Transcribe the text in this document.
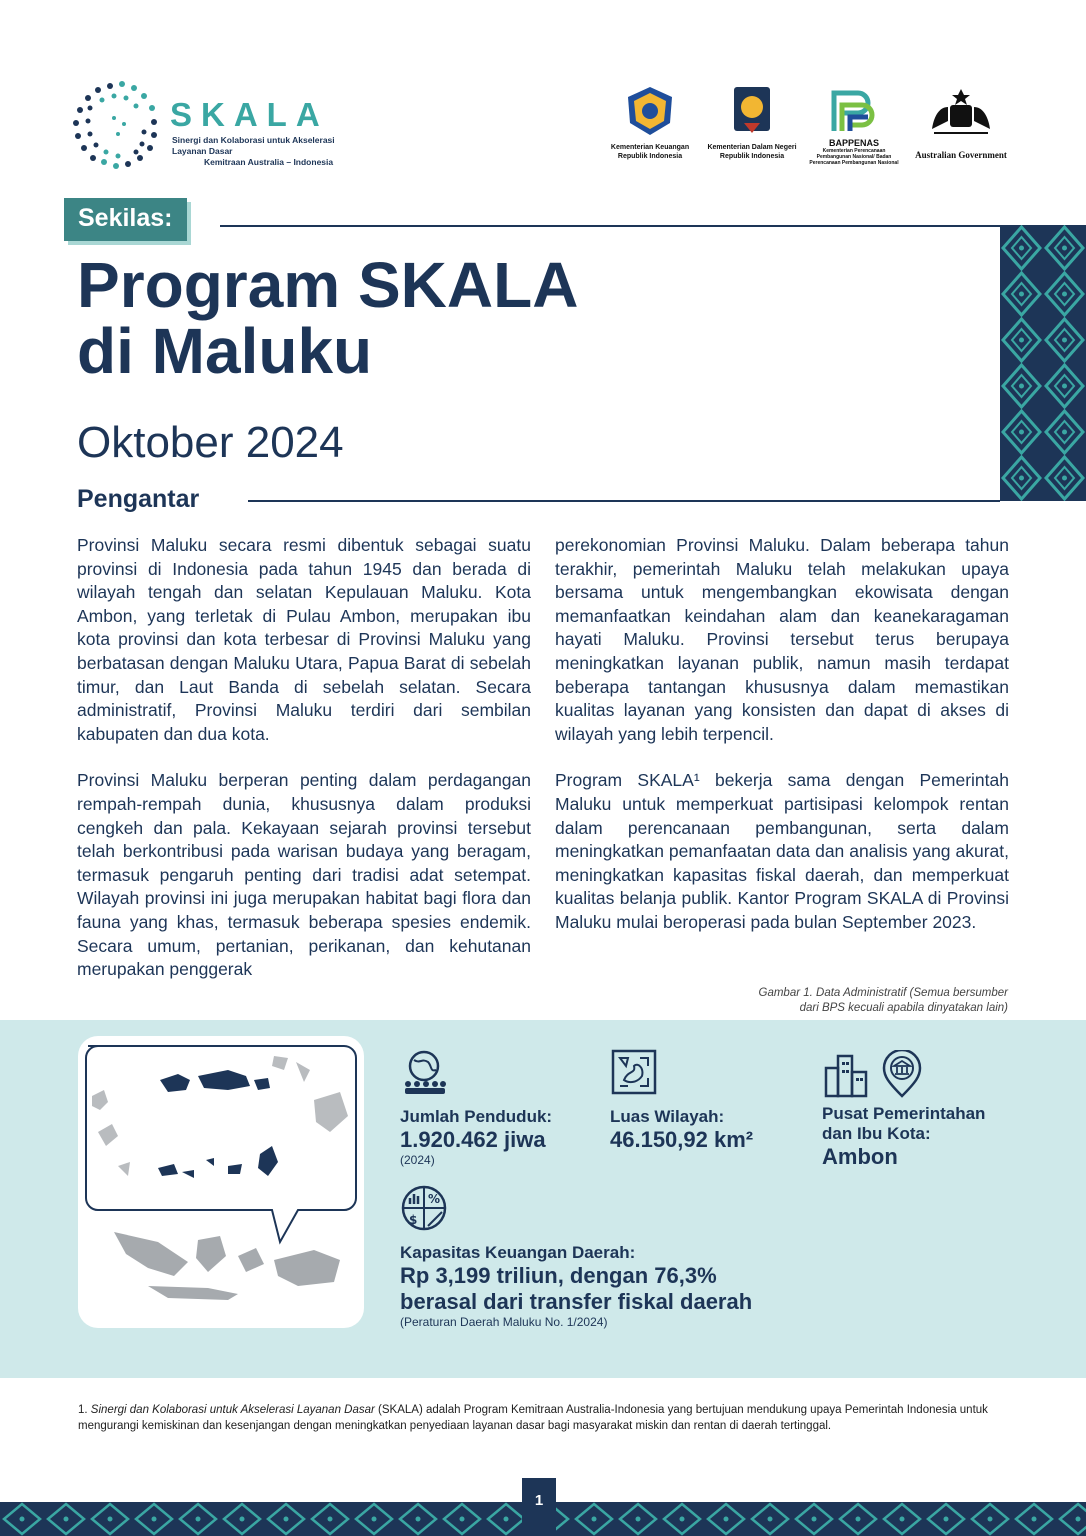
SKALA
Sinergi dan Kolaborasi untuk Akselerasi Layanan Dasar
Kemitraan Australia – Indonesia
Kementerian Keuangan
Republik Indonesia
Kementerian Dalam Negeri
Republik Indonesia
BAPPENAS
Kementerian Perencanaan Pembangunan Nasional/ Badan Perencanaan Pembangunan Nasional
Australian Government
Sekilas:
Program SKALA
di Maluku
Oktober 2024
Pengantar

Provinsi Maluku secara resmi dibentuk sebagai suatu provinsi di Indonesia pada tahun 1945 dan berada di wilayah tengah dan selatan Kepulauan Maluku. Kota Ambon, yang terletak di Pulau Ambon, merupakan ibu kota provinsi dan kota terbesar di Provinsi Maluku yang berbatasan dengan Maluku Utara, Papua Barat di sebelah timur, dan Laut Banda di sebelah selatan. Secara administratif, Provinsi Maluku terdiri dari sembilan kabupaten dan dua kota.

Provinsi Maluku berperan penting dalam perdagangan rempah-rempah dunia, khususnya dalam produksi cengkeh dan pala. Kekayaan sejarah provinsi tersebut telah berkontribusi pada warisan budaya yang beragam, termasuk pengaruh penting dari tradisi adat setempat. Wilayah provinsi ini juga merupakan habitat bagi flora dan fauna yang khas, termasuk beberapa spesies endemik. Secara umum, pertanian, perikanan, dan kehutanan merupakan penggerak

perekonomian Provinsi Maluku. Dalam beberapa tahun terakhir, pemerintah Maluku telah melakukan upaya bersama untuk mengembangkan ekowisata dengan memanfaatkan keindahan alam dan keanekaragaman hayati Maluku. Provinsi tersebut terus berupaya meningkatkan layanan publik, namun masih terdapat beberapa tantangan khususnya dalam memastikan kualitas layanan yang konsisten dan dapat di akses di wilayah yang lebih terpencil.

Program SKALA¹ bekerja sama dengan Pemerintah Maluku untuk memperkuat partisipasi kelompok rentan dalam perencanaan pembangunan, serta dalam meningkatkan pemanfaatan data dan analisis yang akurat, meningkatkan kapasitas fiskal daerah, dan memperkuat kualitas belanja publik. Kantor Program SKALA di Provinsi Maluku mulai beroperasi pada bulan September 2023.

Gambar 1. Data Administratif (Semua bersumber
dari BPS kecuali apabila dinyatakan lain)
Jumlah Penduduk:
1.920.462 jiwa
(2024)
Luas Wilayah:
46.150,92 km²
Pusat Pemerintahan
dan Ibu Kota:
Ambon
%
$
Kapasitas Keuangan Daerah:
Rp 3,199 triliun, dengan 76,3%
berasal dari transfer fiskal daerah
(Peraturan Daerah Maluku No. 1/2024)
1. Sinergi dan Kolaborasi untuk Akselerasi Layanan Dasar (SKALA) adalah Program Kemitraan Australia-Indonesia yang bertujuan mendukung upaya Pemerintah Indonesia untuk mengurangi kemiskinan dan kesenjangan dengan meningkatkan penyediaan layanan dasar bagi masyarakat miskin dan rentan di daerah tertinggal.
1
